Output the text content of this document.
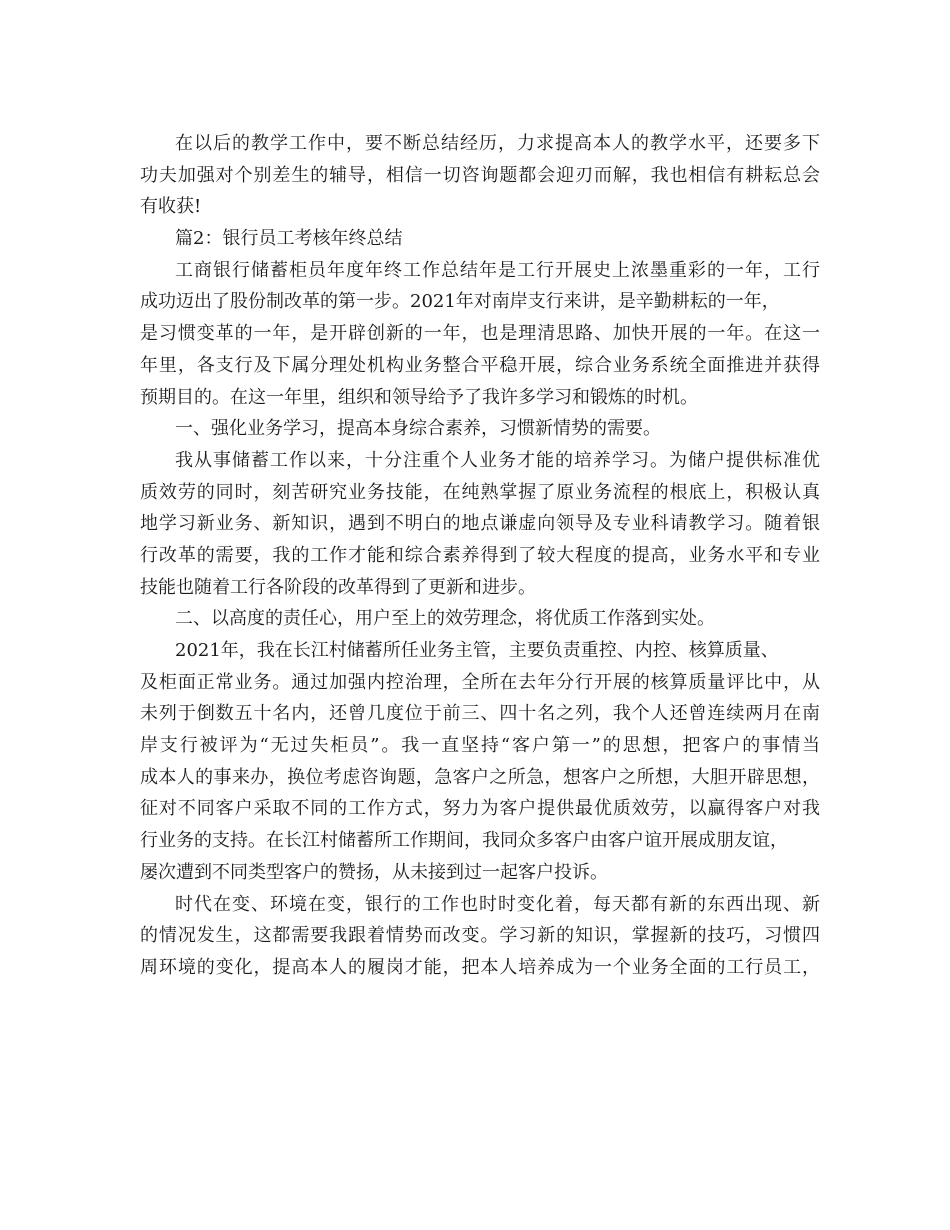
在以后的教学工作中，要不断总结经历，力求提高本人的教学水平，还要多下
功夫加强对个别差生的辅导，相信一切咨询题都会迎刃而解，我也相信有耕耘总会
有收获!
篇2：银行员工考核年终总结
工商银行储蓄柜员年度年终工作总结年是工行开展史上浓墨重彩的一年，工行
成功迈出了股份制改革的第一步。2021年对南岸支行来讲，是辛勤耕耘的一年，
是习惯变革的一年，是开辟创新的一年，也是理清思路、加快开展的一年。在这一
年里，各支行及下属分理处机构业务整合平稳开展，综合业务系统全面推进并获得
预期目的。在这一年里，组织和领导给予了我许多学习和锻炼的时机。
一、强化业务学习，提高本身综合素养，习惯新情势的需要。
我从事储蓄工作以来，十分注重个人业务才能的培养学习。为储户提供标准优
质效劳的同时，刻苦研究业务技能，在纯熟掌握了原业务流程的根底上，积极认真
地学习新业务、新知识，遇到不明白的地点谦虚向领导及专业科请教学习。随着银
行改革的需要，我的工作才能和综合素养得到了较大程度的提高，业务水平和专业
技能也随着工行各阶段的改革得到了更新和进步。
二、以高度的责任心，用户至上的效劳理念，将优质工作落到实处。
2021年，我在长江村储蓄所任业务主管，主要负责重控、内控、核算质量、
及柜面正常业务。通过加强内控治理，全所在去年分行开展的核算质量评比中，从
未列于倒数五十名内，还曾几度位于前三、四十名之列，我个人还曾连续两月在南
岸支行被评为“无过失柜员”。我一直坚持“客户第一”的思想，把客户的事情当
成本人的事来办，换位考虑咨询题，急客户之所急，想客户之所想，大胆开辟思想，
征对不同客户采取不同的工作方式，努力为客户提供最优质效劳，以赢得客户对我
行业务的支持。在长江村储蓄所工作期间，我同众多客户由客户谊开展成朋友谊，
屡次遭到不同类型客户的赞扬，从未接到过一起客户投诉。
时代在变、环境在变，银行的工作也时时变化着，每天都有新的东西出现、新
的情况发生，这都需要我跟着情势而改变。学习新的知识，掌握新的技巧，习惯四
周环境的变化，提高本人的履岗才能，把本人培养成为一个业务全面的工行员工，
